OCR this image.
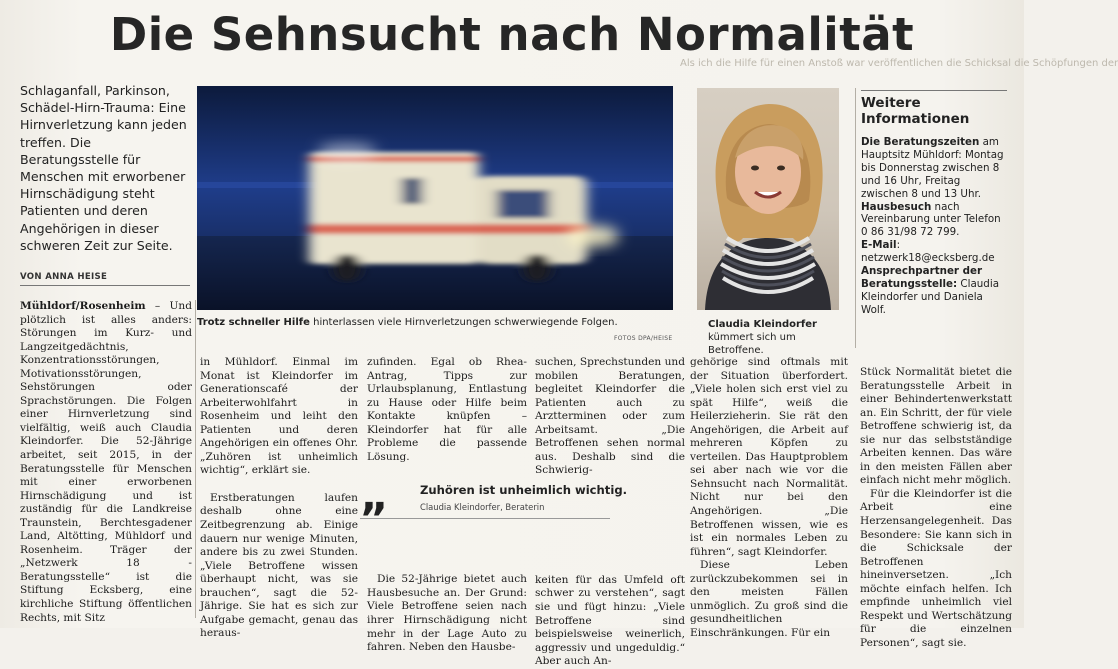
Als ich die Hilfe für einen Anstoß war veröffentlichen die Schicksal die Schöpfungen der
Die Sehnsucht nach Normalität
Schlaganfall, Parkinson, Schädel-Hirn-Trauma: Eine Hirnverletzung kann jeden treffen. Die Beratungsstelle für Menschen mit erworbener Hirnschädigung steht Patienten und deren Angehörigen in dieser schweren Zeit zur Seite.
VON ANNA HEISE
Trotz schneller Hilfe hinterlassen viele Hirnverletzungen schwerwiegende Folgen.
FOTOS DPA/HEISE
Claudia Kleindorfer kümmert sich um Betroffene.
Weitere Informationen

Die Beratungszeiten am Hauptsitz Mühldorf: Montag bis Donnerstag zwischen 8 und 16 Uhr, Freitag zwischen 8 und 13 Uhr.

Hausbesuch nach Vereinbarung unter Telefon 0 86 31/98 72 799.

E-Mail: netzwerk18@ecksberg.de

Ansprechpartner der Beratungsstelle: Claudia Kleindorfer und Daniela Wolf.

Mühldorf/Rosenheim – Und plötzlich ist alles anders: Störungen im Kurz- und Langzeitgedächtnis, Konzentrationsstörungen, Motivationsstörungen, Sehstörungen oder Sprachstörungen. Die Folgen einer Hirnverletzung sind vielfältig, weiß auch Claudia Kleindorfer. Die 52-Jährige arbeitet, seit 2015, in der Beratungsstelle für Menschen mit einer erworbenen Hirnschädigung und ist zuständig für die Landkreise Traunstein, Berchtesgadener Land, Altötting, Mühldorf und Rosenheim. Träger der „Netzwerk 18 - Beratungsstelle“ ist die Stiftung Ecksberg, eine kirchliche Stiftung öffentlichen Rechts, mit Sitz

in Mühldorf. Einmal im Monat ist Kleindorfer im Generationscafé der Arbeiterwohlfahrt in Rosenheim und leiht den Patienten und deren Angehörigen ein offenes Ohr. „Zuhören ist unheimlich wichtig“, erklärt sie.

Erstberatungen laufen deshalb ohne eine Zeitbegrenzung ab. Einige dauern nur wenige Minuten, andere bis zu zwei Stunden. „Viele Betroffene wissen überhaupt nicht, was sie brauchen“, sagt die 52-Jährige. Sie hat es sich zur Aufgabe gemacht, genau das heraus-

zufinden. Egal ob Rhea-Antrag, Tipps zur Urlaubsplanung, Entlastung zu Hause oder Hilfe beim Kontakte knüpfen – Kleindorfer hat für alle Probleme die passende Lösung.

Die 52-Jährige bietet auch Hausbesuche an. Der Grund: Viele Betroffene seien nach ihrer Hirnschädigung nicht mehr in der Lage Auto zu fahren. Neben den Hausbe-

suchen, Sprechstunden und mobilen Beratungen, begleitet Kleindorfer die Patienten auch zu Arztterminen oder zum Arbeitsamt. „Die Betroffenen sehen normal aus. Deshalb sind die Schwierig-

keiten für das Umfeld oft schwer zu verstehen“, sagt sie und fügt hinzu: „Viele Betroffene sind beispielsweise weinerlich, aggressiv und ungeduldig.“ Aber auch An-

gehörige sind oftmals mit der Situation überfordert. „Viele holen sich erst viel zu spät Hilfe“, weiß die Heilerzieherin. Sie rät den Angehörigen, die Arbeit auf mehreren Köpfen zu verteilen. Das Hauptproblem sei aber nach wie vor die Sehnsucht nach Normalität. Nicht nur bei den Angehörigen. „Die Betroffenen wissen, wie es ist ein normales Leben zu führen“, sagt Kleindorfer.

Diese Leben zurückzubekommen sei in den meisten Fällen unmöglich. Zu groß sind die gesundheitlichen Einschränkungen. Für ein

Stück Normalität bietet die Beratungsstelle Arbeit in einer Behindertenwerkstatt an. Ein Schritt, der für viele Betroffene schwierig ist, da sie nur das selbstständige Arbeiten kennen. Das wäre in den meisten Fällen aber einfach nicht mehr möglich.

Für die Kleindorfer ist die Arbeit eine Herzensangelegenheit. Das Besondere: Sie kann sich in die Schicksale der Betroffenen hineinversetzen. „Ich möchte einfach helfen. Ich empfinde unheimlich viel Respekt und Wertschätzung für die einzelnen Personen“, sagt sie.

„	Zuhören ist unheimlich wichtig.
Claudia Kleindorfer, Beraterin
